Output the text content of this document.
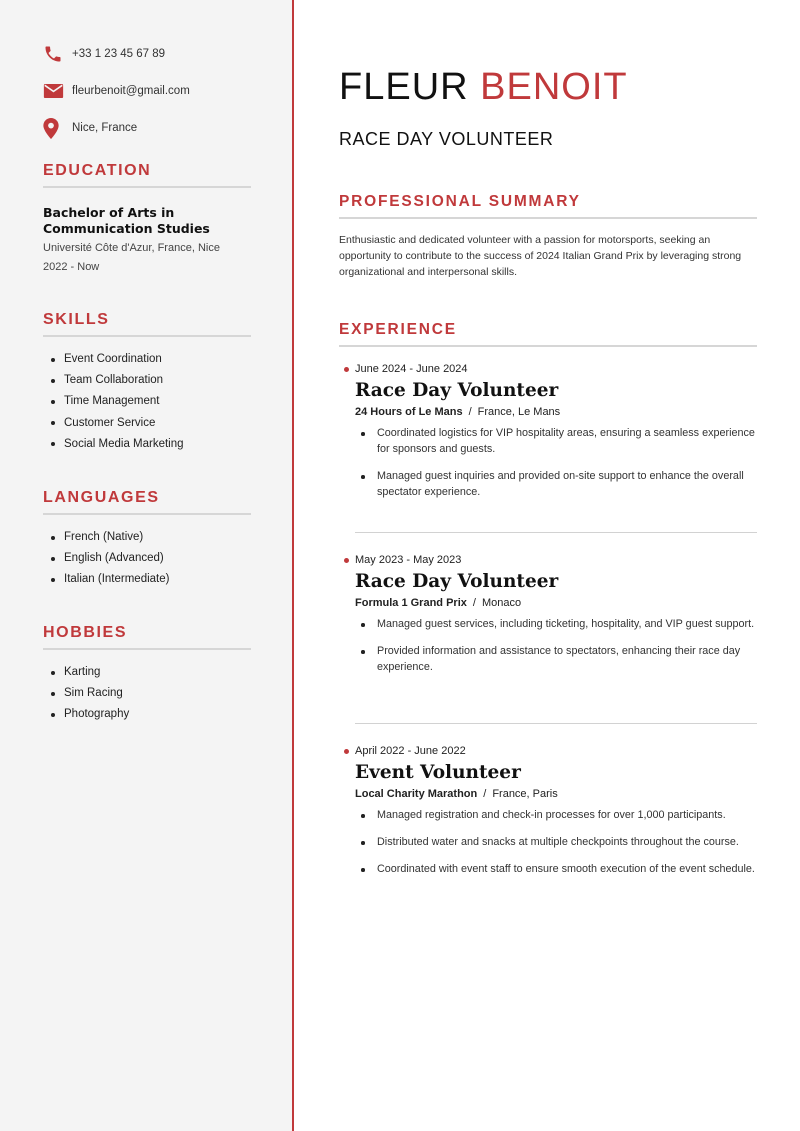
+33 1 23 45 67 89
fleurbenoit@gmail.com
Nice, France
EDUCATION
Bachelor of Arts in Communication Studies
Université Côte d'Azur, France, Nice
2022 - Now
SKILLS
Event Coordination
Team Collaboration
Time Management
Customer Service
Social Media Marketing
LANGUAGES
French (Native)
English (Advanced)
Italian (Intermediate)
HOBBIES
Karting
Sim Racing
Photography
FLEUR BENOIT
RACE DAY VOLUNTEER
PROFESSIONAL SUMMARY
Enthusiastic and dedicated volunteer with a passion for motorsports, seeking an opportunity to contribute to the success of 2024 Italian Grand Prix by leveraging strong organizational and interpersonal skills.
EXPERIENCE
June 2024 - June 2024
Race Day Volunteer
24 Hours of Le Mans / France, Le Mans
Coordinated logistics for VIP hospitality areas, ensuring a seamless experience for sponsors and guests.
Managed guest inquiries and provided on-site support to enhance the overall spectator experience.
May 2023 - May 2023
Race Day Volunteer
Formula 1 Grand Prix / Monaco
Managed guest services, including ticketing, hospitality, and VIP guest support.
Provided information and assistance to spectators, enhancing their race day experience.
April 2022 - June 2022
Event Volunteer
Local Charity Marathon / France, Paris
Managed registration and check-in processes for over 1,000 participants.
Distributed water and snacks at multiple checkpoints throughout the course.
Coordinated with event staff to ensure smooth execution of the event schedule.
